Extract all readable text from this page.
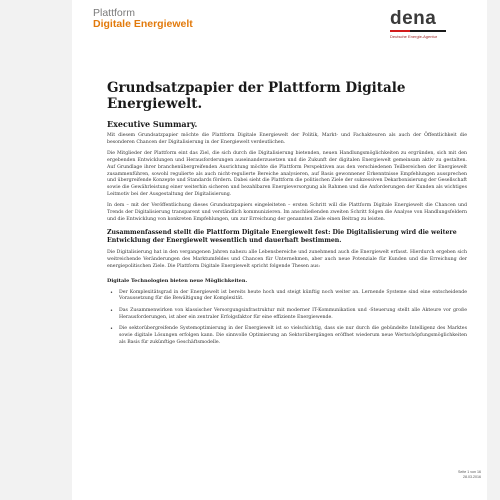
Plattform
Digitale Energiewelt	dena
Deutsche Energie-Agentur
Grundsatzpapier der Plattform Digitale Energiewelt.
Executive Summary.

Mit diesem Grundsatzpapier möchte die Plattform Digitale Energiewelt der Politik, Markt- und Fachakteuren als auch der Öffentlichkeit die besonderen Chancen der Digitalisierung in der Energiewelt verdeutlichen.

Die Mitglieder der Plattform eint das Ziel, die sich durch die Digitalisierung bietenden, neuen Handlungsmöglichkeiten zu ergründen, sich mit den ergebenden Entwicklungen und Herausforderungen auseinanderzusetzen und die Zukunft der digitalen Energiewelt gemeinsam aktiv zu gestalten. Auf Grundlage ihrer branchenübergreifenden Ausrichtung möchte die Plattform Perspektiven aus den verschiedenen Teilbereichen der Energiewelt zusammenführen, sowohl regulierte als auch nicht-regulierte Bereiche analysieren, auf Basis gewonnener Erkenntnisse Empfehlungen aussprechen und übergreifende Konzepte und Standards fördern. Dabei sieht die Plattform die politischen Ziele der sukzessiven Dekarbonisierung der Gesellschaft sowie die Gewährleistung einer weiterhin sicheren und bezahlbaren Energieversorgung als Rahmen und die Anforderungen der Kunden als wichtiges Leitmotiv bei der Ausgestaltung der Digitalisierung.

In dem – mit der Veröffentlichung dieses Grundsatzpapiers eingeleiteten – ersten Schritt will die Plattform Digitale Energiewelt die Chancen und Trends der Digitalisierung transparent und verständlich kommunizieren. Im anschließenden zweiten Schritt folgen die Analyse von Handlungsfeldern und die Entwicklung von konkreten Empfehlungen, um zur Erreichung der genannten Ziele einen Beitrag zu leisten.

Zusammenfassend stellt die Plattform Digitale Energiewelt fest: Die Digitalisierung wird die weitere Entwicklung der Energiewelt wesentlich und dauerhaft bestimmen.

Die Digitalisierung hat in den vergangenen Jahren nahezu alle Lebensbereiche und zunehmend auch die Energiewelt erfasst. Hierdurch ergeben sich weitreichende Veränderungen des Marktumfeldes und Chancen für Unternehmen, aber auch neue Potenziale für Kunden und die Erreichung der energiepolitischen Ziele. Die Plattform Digitale Energiewelt spricht folgende Thesen aus:

Digitale Technologien bieten neue Möglichkeiten.
• Der Komplexitätsgrad in der Energiewelt ist bereits heute hoch und steigt künftig noch weiter an. Lernende Systeme sind eine entscheidende Voraussetzung für die Bewältigung der Komplexität.
• Das Zusammenwirken von klassischer Versorgungsinfrastruktur mit moderner IT-Kommunikation und -Steuerung stellt alle Akteure vor große Herausforderungen, ist aber ein zentraler Erfolgsfaktor für eine effiziente Energiewende.
• Die sektorübergreifende Systemoptimierung in der Energiewelt ist so vielschichtig, dass sie nur durch die gebündelte Intelligenz des Marktes sowie digitale Lösungen erfolgen kann. Die sinnvolle Optimierung an Sektorübergängen eröffnet wiederum neue Wertschöpfungsmöglichkeiten als Basis für zukünftige Geschäftsmodelle.
Seite 1 von 16
28.03.2016
